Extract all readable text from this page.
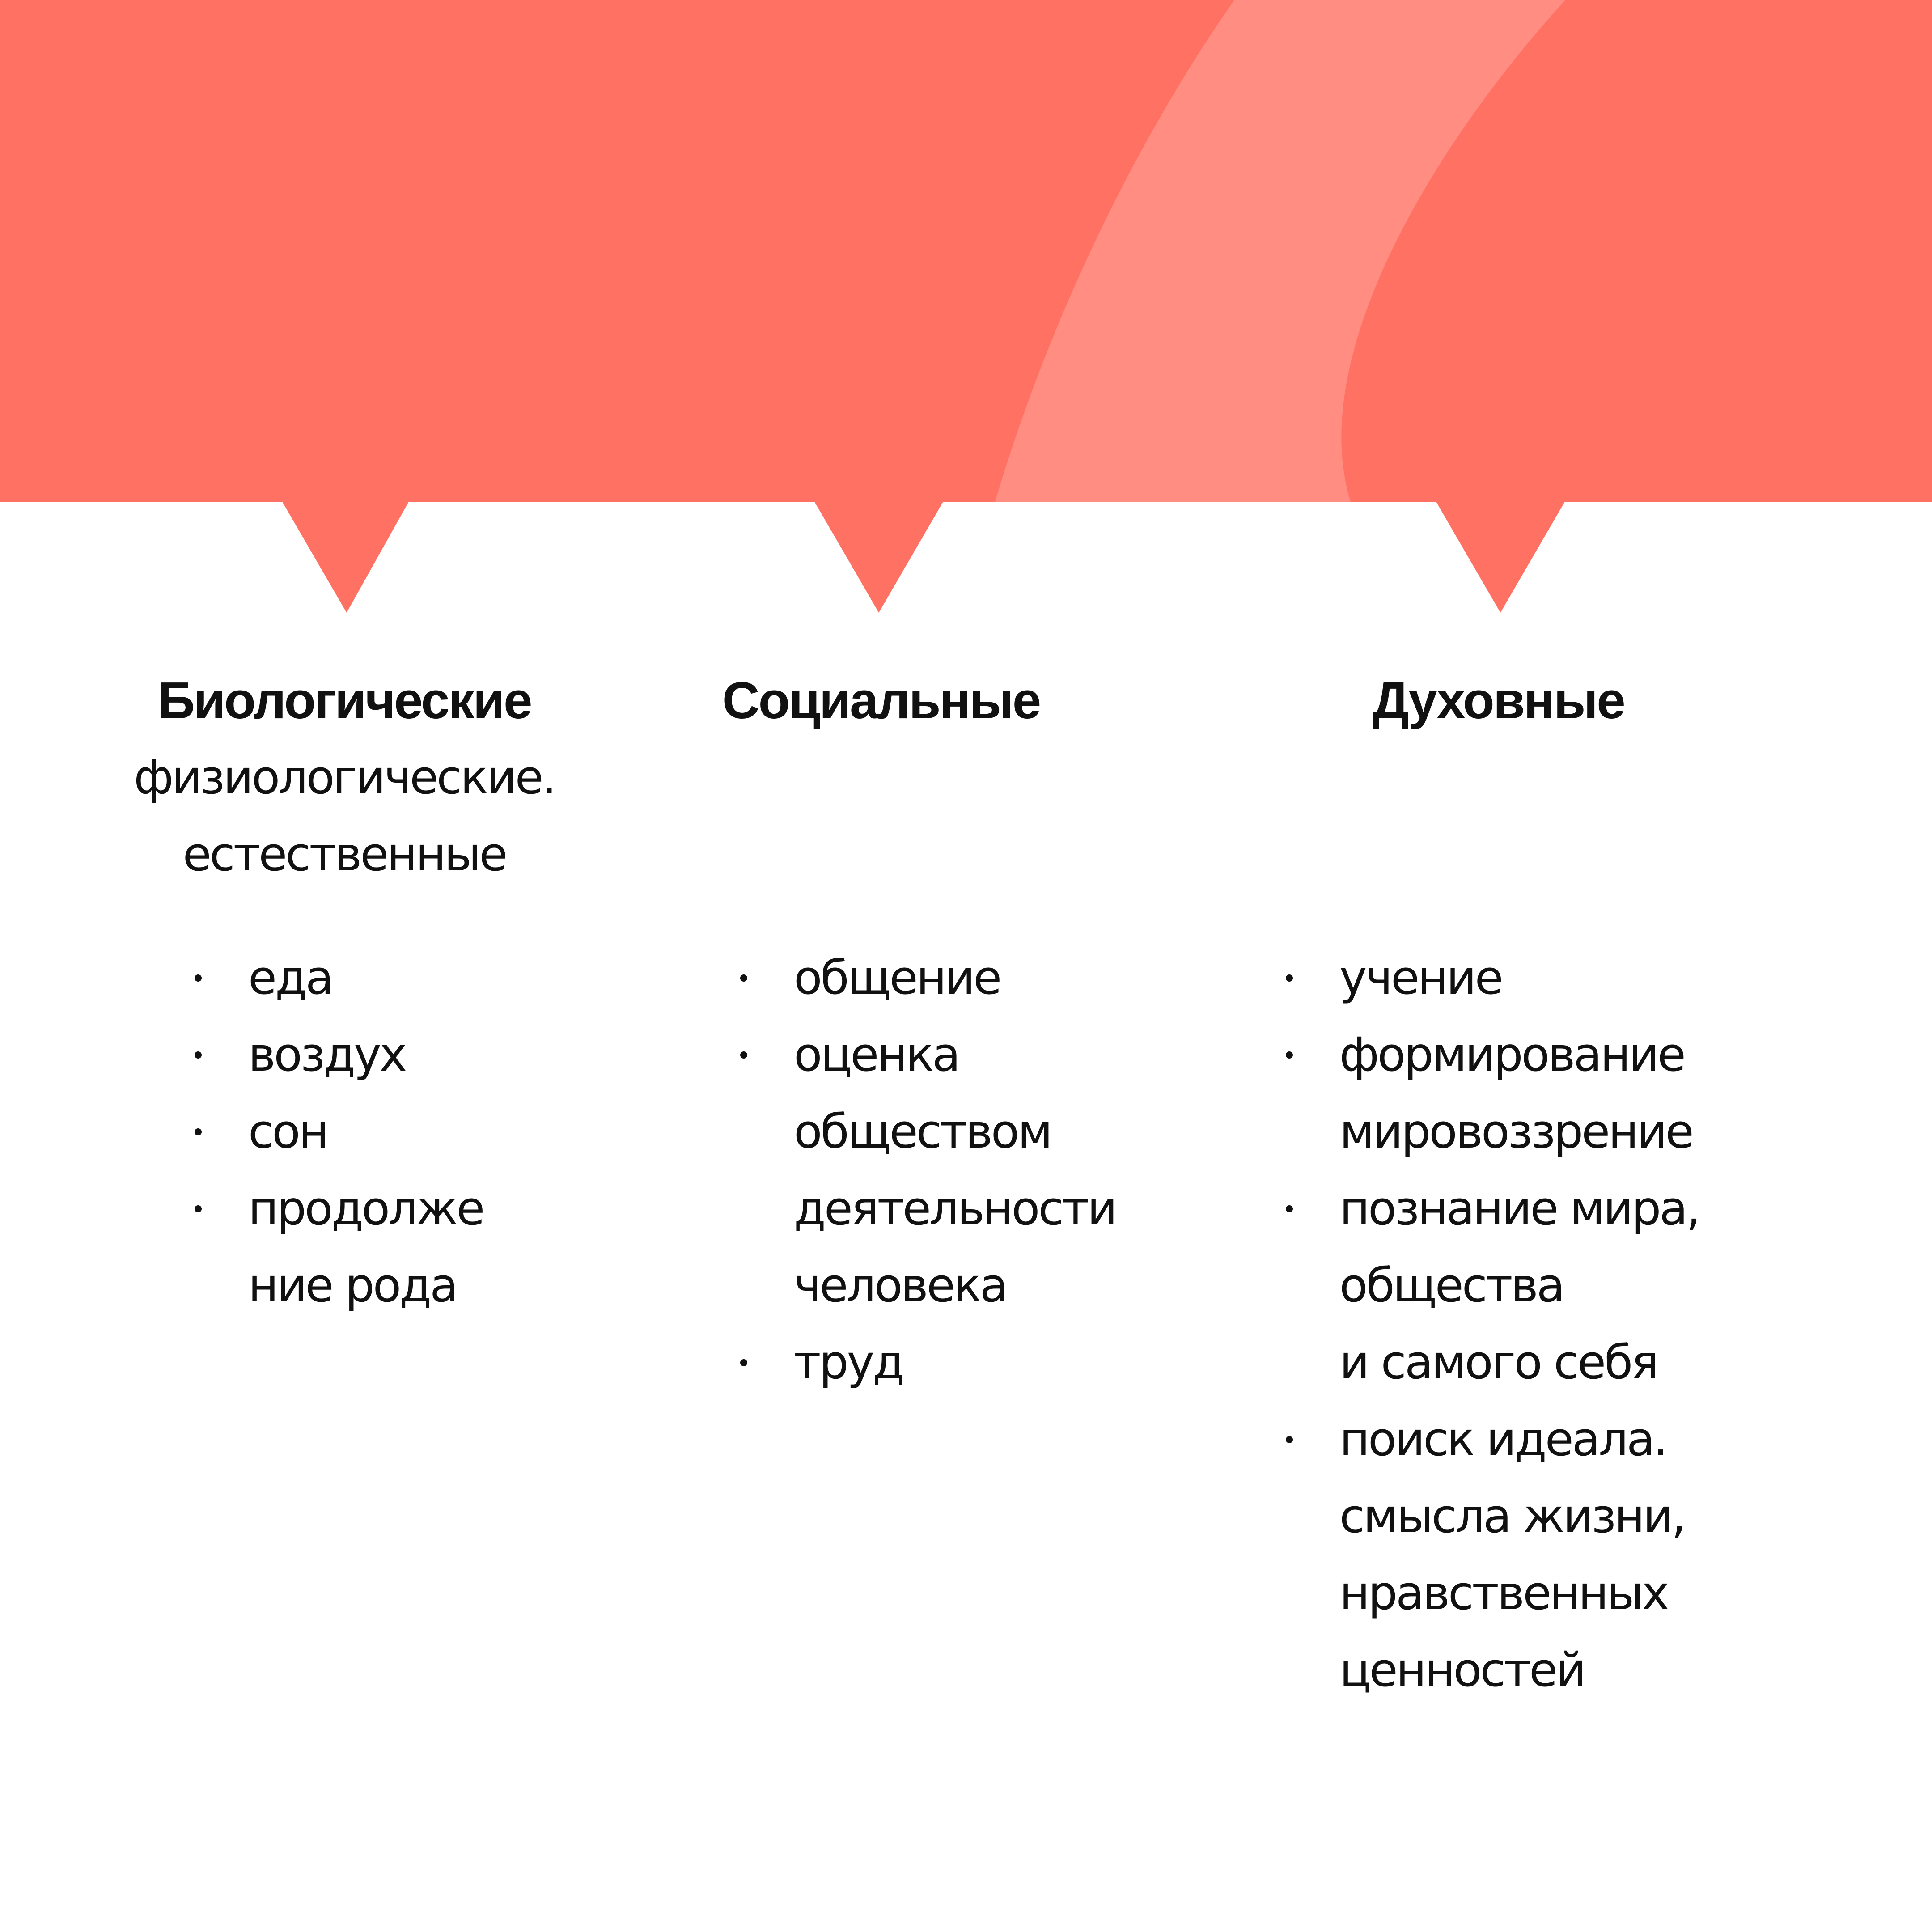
Биологические
физиологические.
естественные
еда
воздух
сон
продолже
ние рода
Социальные
общение
оценка
обществом
деятельности
человека
труд
Духовные
учение
формирование
мировоззрение
познание мира,
общества
и самого себя
поиск идеала.
смысла жизни,
нравственных
ценностей
